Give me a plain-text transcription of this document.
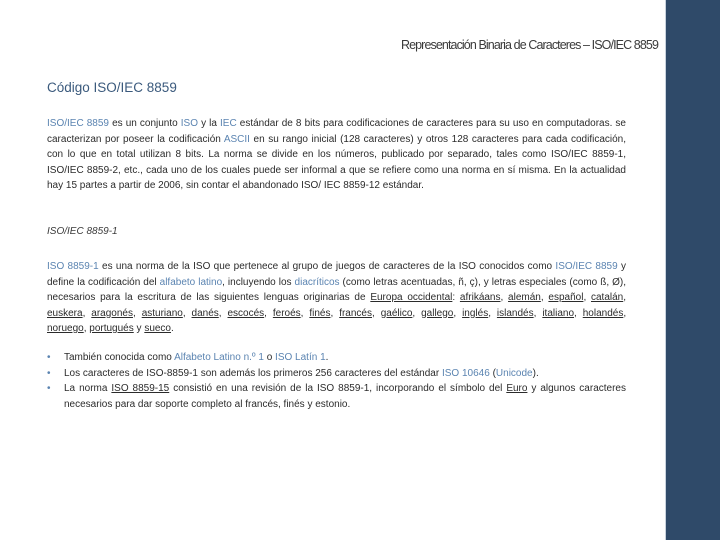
Representación Binaria de Caracteres – ISO/IEC 8859
Código ISO/IEC 8859
ISO/IEC 8859 es un conjunto ISO y la IEC estándar de 8 bits para codificaciones de caracteres para su uso en computadoras. se caracterizan por poseer la codificación ASCII en su rango inicial (128 caracteres) y otros 128 caracteres para cada codificación, con lo que en total utilizan 8 bits. La norma se divide en los números, publicado por separado, tales como ISO/IEC 8859-1, ISO/IEC 8859-2, etc., cada uno de los cuales puede ser informal a que se refiere como una norma en sí misma. En la actualidad hay 15 partes a partir de 2006, sin contar el abandonado ISO/ IEC 8859-12 estándar.
ISO/IEC 8859-1
ISO 8859-1 es una norma de la ISO que pertenece al grupo de juegos de caracteres de la ISO conocidos como ISO/IEC 8859 y define la codificación del alfabeto latino, incluyendo los diacríticos (como letras acentuadas, ñ, ç), y letras especiales (como ß, Ø), necesarios para la escritura de las siguientes lenguas originarias de Europa occidental: afrikáans, alemán, español, catalán, euskera, aragonés, asturiano, danés, escocés, feroés, finés, francés, gaélico, gallego, inglés, islandés, italiano, holandés, noruego, portugués y sueco.
• También conocida como Alfabeto Latino n.º 1 o ISO Latín 1.
• Los caracteres de ISO-8859-1 son además los primeros 256 caracteres del estándar ISO 10646 (Unicode).
• La norma ISO 8859-15 consistió en una revisión de la ISO 8859-1, incorporando el símbolo del Euro y algunos caracteres necesarios para dar soporte completo al francés, finés y estonio.
